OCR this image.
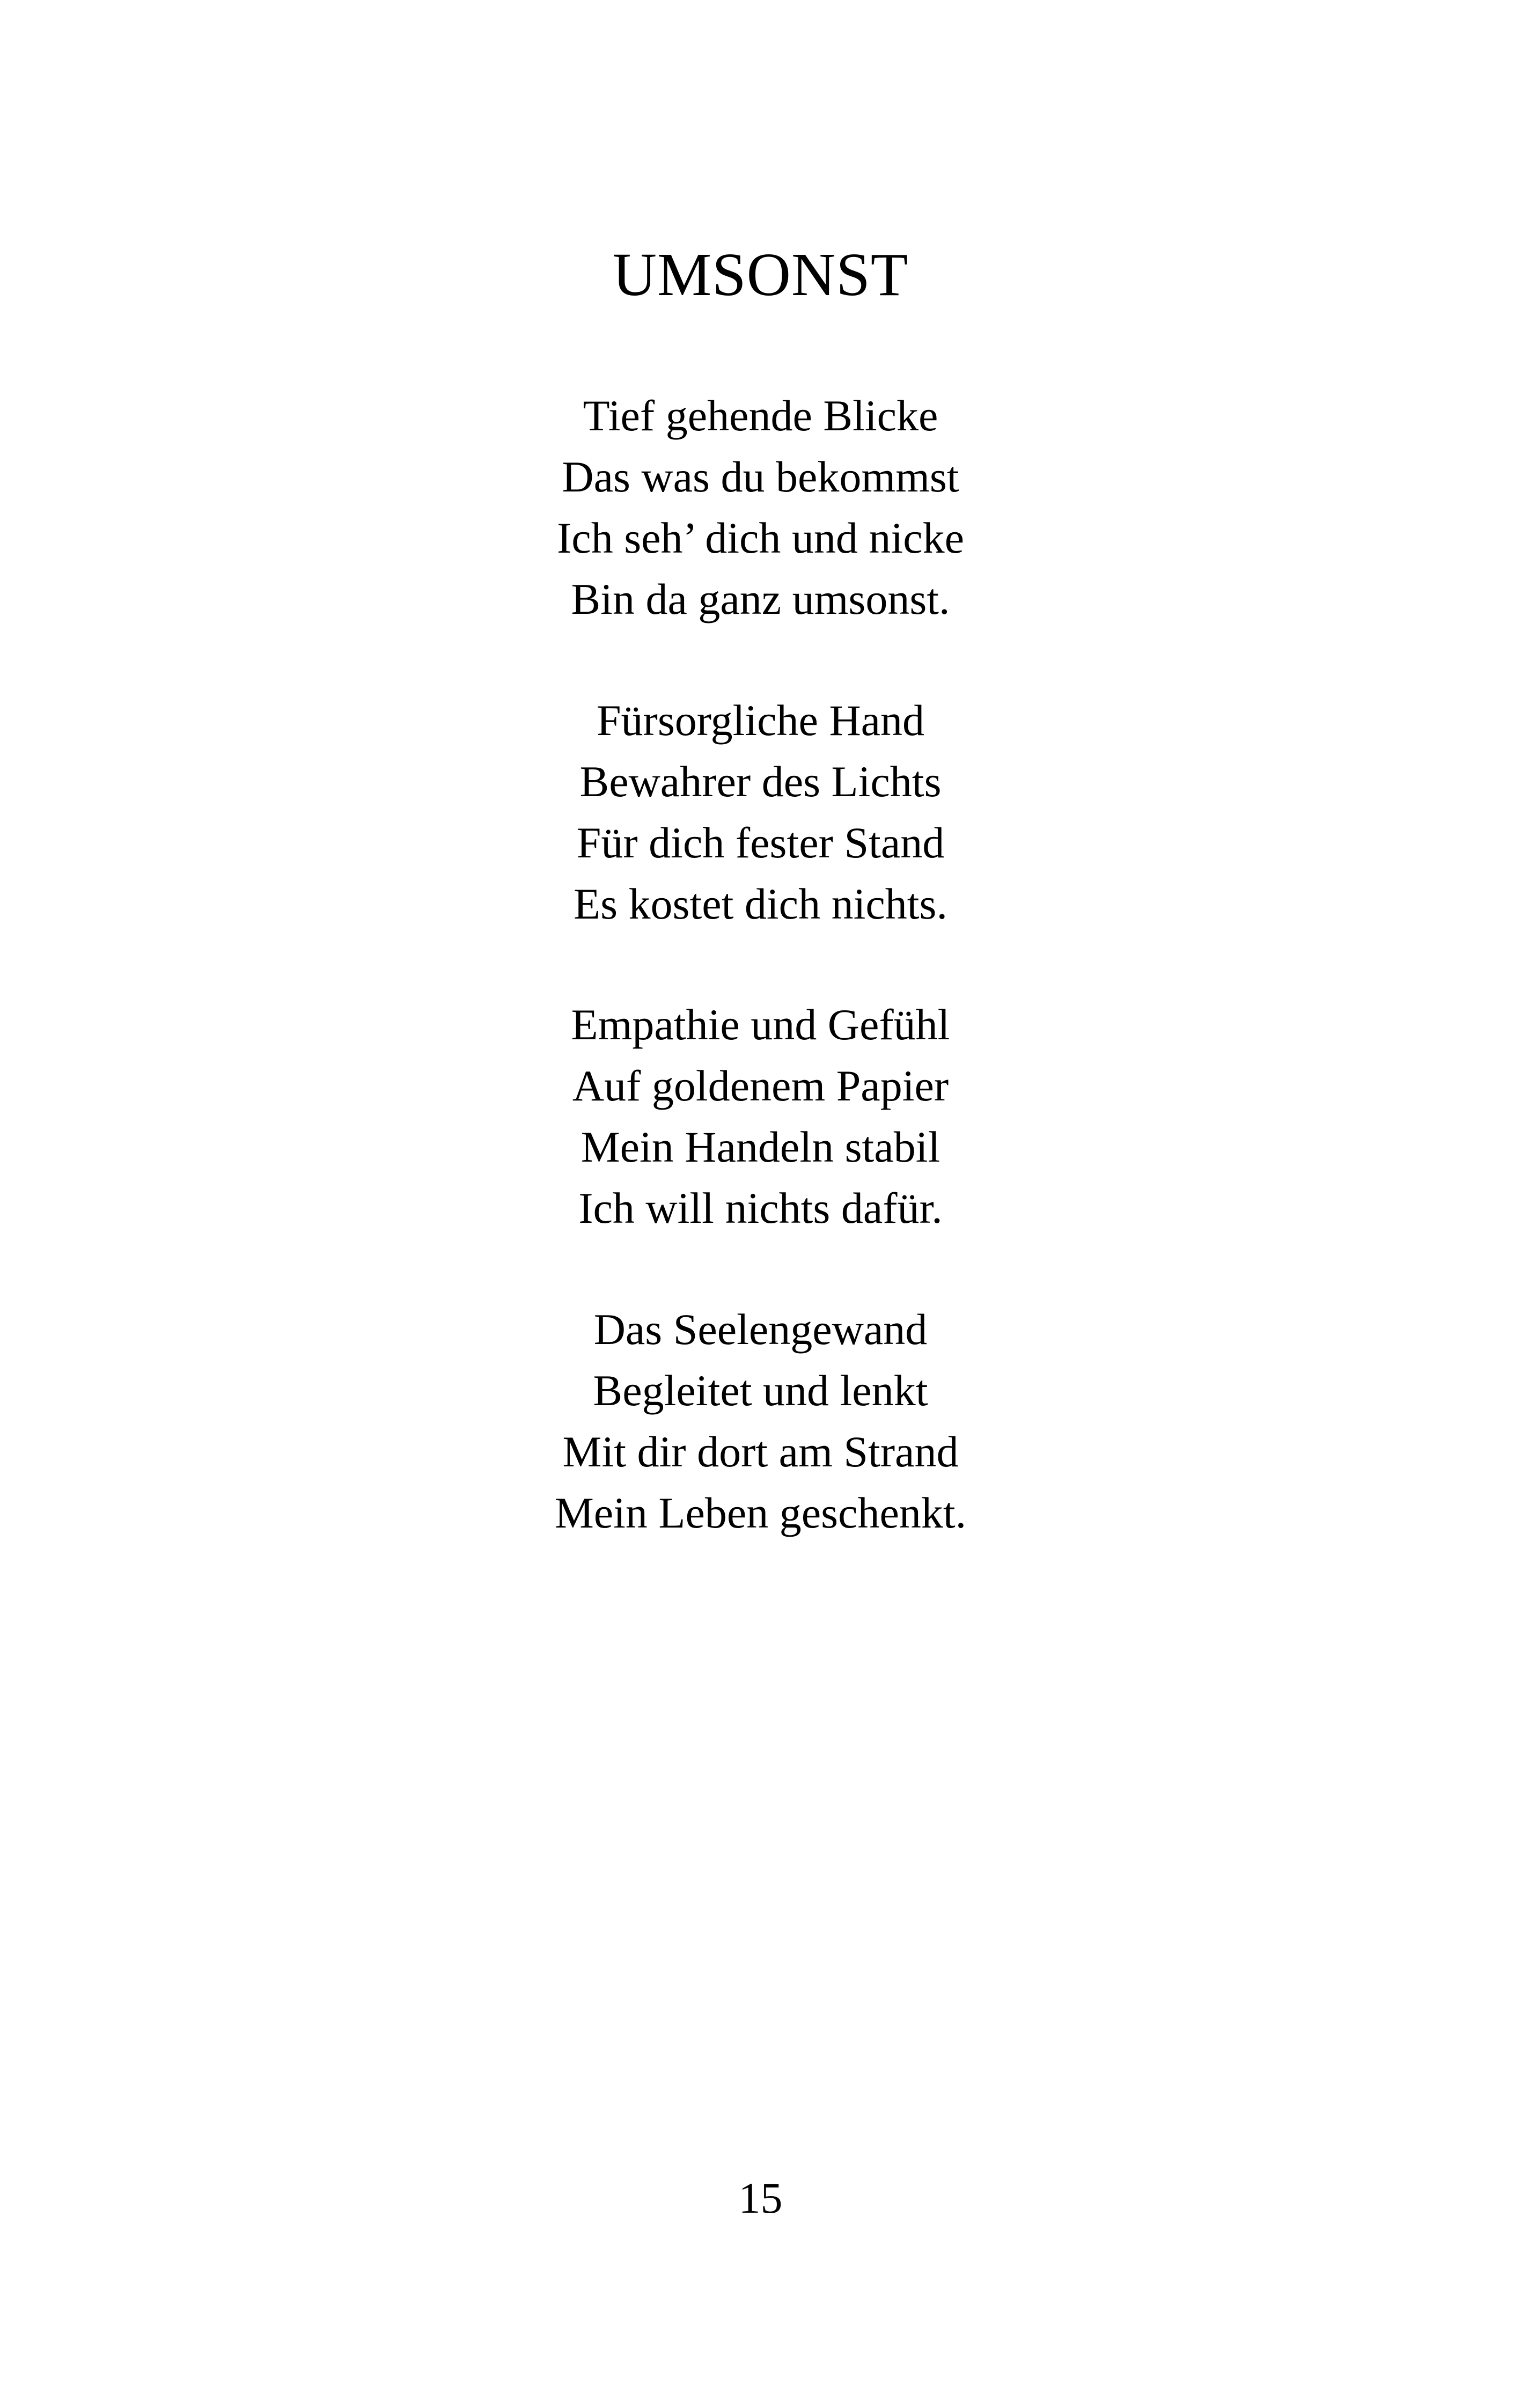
UMSONST
Tief gehende Blicke
Das was du bekommst
Ich seh’ dich und nicke
Bin da ganz umsonst.
Fürsorgliche Hand
Bewahrer des Lichts
Für dich fester Stand
Es kostet dich nichts.
Empathie und Gefühl
Auf goldenem Papier
Mein Handeln stabil
Ich will nichts dafür.
Das Seelengewand
Begleitet und lenkt
Mit dir dort am Strand
Mein Leben geschenkt.
15
